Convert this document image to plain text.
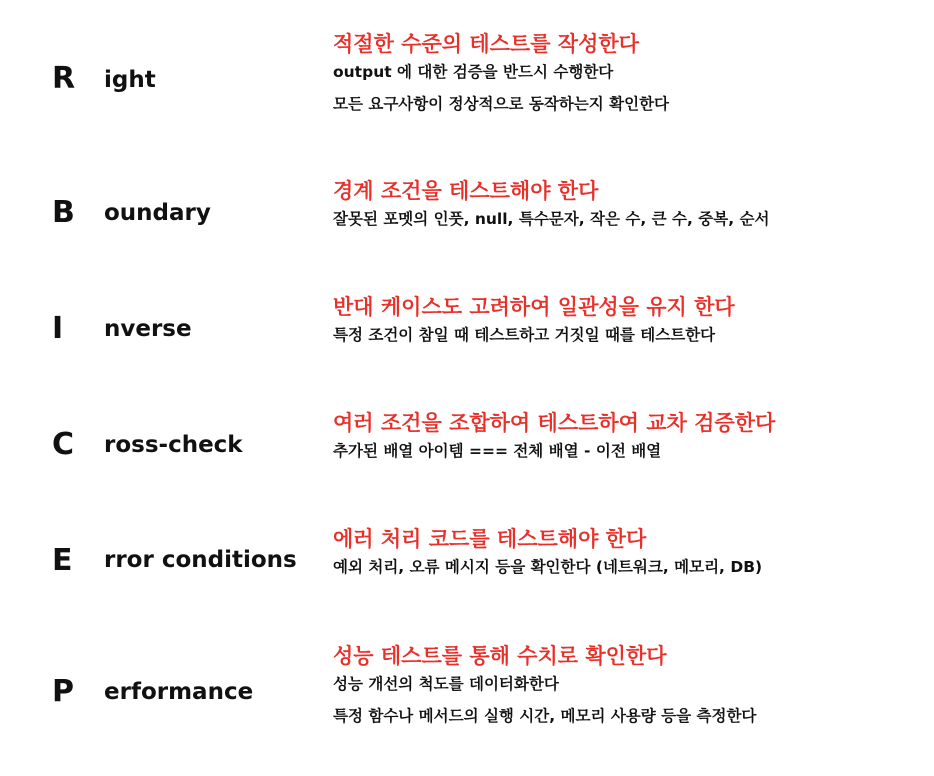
R ight
적절한 수준의 테스트를 작성한다
output 에 대한 검증을 반드시 수행한다
모든 요구사항이 정상적으로 동작하는지 확인한다
B oundary
경계 조건을 테스트해야 한다
잘못된 포멧의 인풋, null, 특수문자, 작은 수, 큰 수, 중복, 순서
I nverse
반대 케이스도 고려하여 일관성을 유지 한다
특정 조건이 참일 때 테스트하고 거짓일 때를 테스트한다
C ross-check
여러 조건을 조합하여 테스트하여 교차 검증한다
추가된 배열 아이템 === 전체 배열 - 이전 배열
E rror conditions
에러 처리 코드를 테스트해야 한다
예외 처리, 오류 메시지 등을 확인한다 (네트워크, 메모리, DB)
P erformance
성능 테스트를 통해 수치로 확인한다
성능 개선의 척도를 데이터화한다
특정 함수나 메서드의 실행 시간, 메모리 사용량 등을 측정한다
